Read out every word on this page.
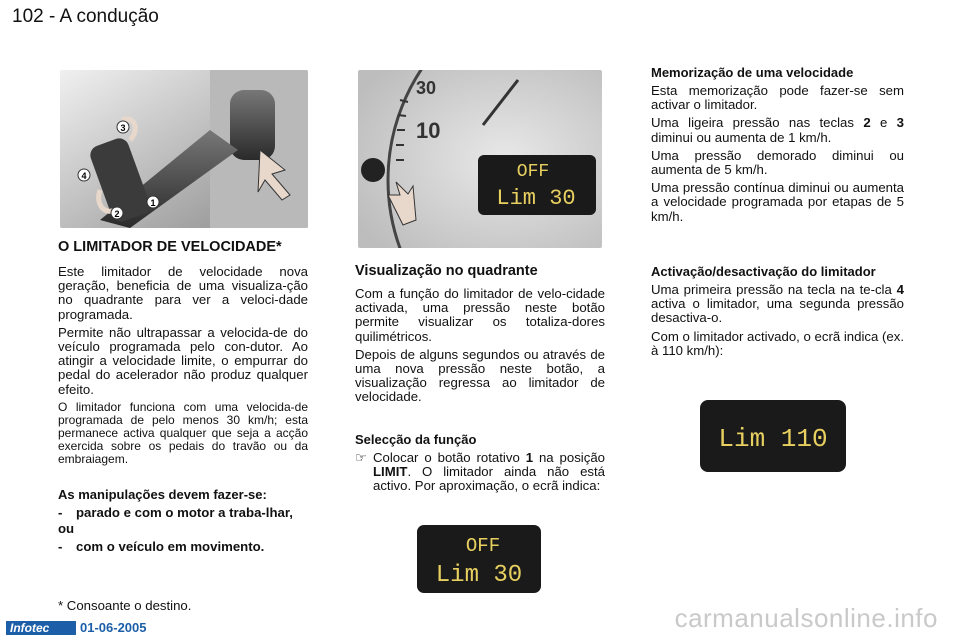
102 - A condução
3
2
1
4
30
10
OFF
Lim 30
O LIMITADOR DE VELOCIDADE*

Este limitador de velocidade nova geração, beneficia de uma visualiza-ção no quadrante para ver a veloci-dade programada.

Permite não ultrapassar a velocida-de do veículo programada pelo con-dutor. Ao atingir a velocidade limite, o empurrar do pedal do acelerador não produz qualquer efeito.

O limitador funciona com uma velocida-de programada de pelo menos 30 km/h; esta permanece activa qualquer que seja a acção exercida sobre os pedais do travão ou da embraiagem.

As manipulações devem fazer-se:
-	parado e com o motor a traba-lhar,
ou
-	com o veículo em movimento.
* Consoante o destino.
Visualização no quadrante

Com a função do limitador de velo-cidade activada, uma pressão neste botão permite visualizar os totaliza-dores quilimétricos.

Depois de alguns segundos ou através de uma nova pressão neste botão, a visualização regressa ao limitador de velocidade.

Selecção da função
☞ Colocar o botão rotativo 1 na posição LIMIT. O limitador ainda não está activo. Por aproximação, o ecrã indica:
OFF
Lim 30
Memorização de uma velocidade

Esta memorização pode fazer-se sem activar o limitador.

Uma ligeira pressão nas teclas 2 e 3 diminui ou aumenta de 1 km/h.

Uma pressão demorado diminui ou aumenta de 5 km/h.

Uma pressão contínua diminui ou aumenta a velocidade programada por etapas de 5 km/h.

Activação/desactivação do limitador

Uma primeira pressão na tecla na te-cla 4 activa o limitador, uma segunda pressão desactiva-o.

Com o limitador activado, o ecrã indica (ex. à 110 km/h):

Lim 110
Infotec	01-06-2005	carmanualsonline.info
